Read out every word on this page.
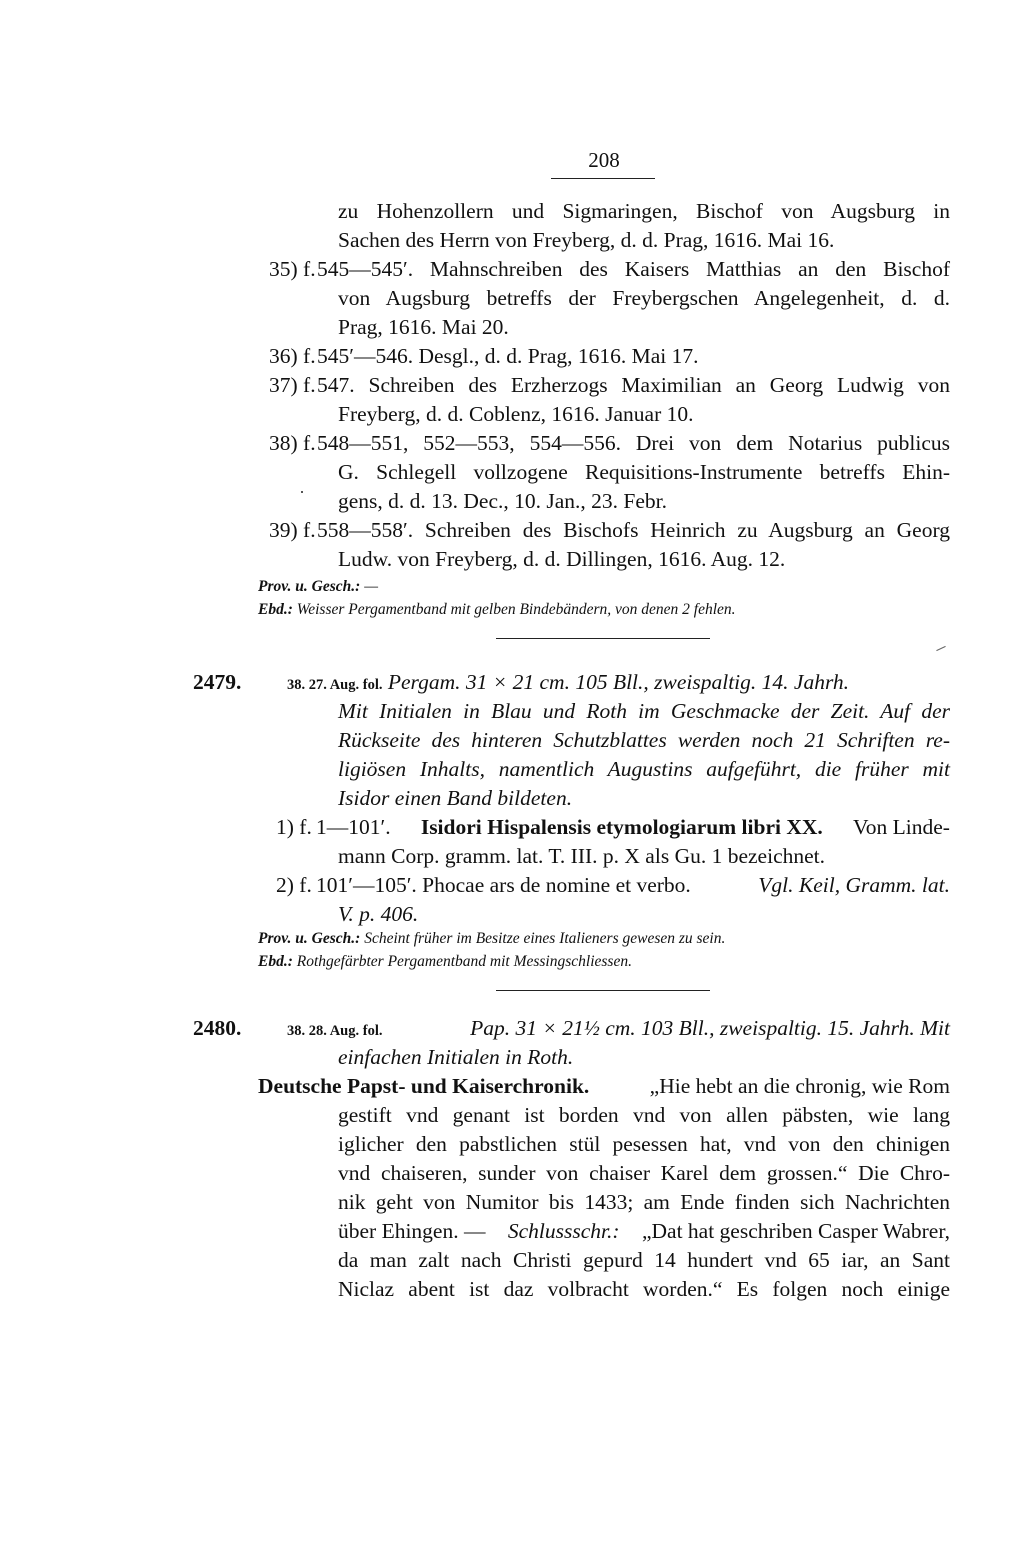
208
zu Hohenzollern und Sigmaringen, Bischof von Augsburg in
Sachen des Herrn von Freyberg, d. d. Prag, 1616. Mai 16.
35) f. 545—545′. Mahnschreiben des Kaisers Matthias an den Bischof
von Augsburg betreffs der Freybergschen Angelegenheit, d. d.
Prag, 1616. Mai 20.
36) f. 545′—546. Desgl., d. d. Prag, 1616. Mai 17.
37) f. 547. Schreiben des Erzherzogs Maximilian an Georg Ludwig von
Freyberg, d. d. Coblenz, 1616. Januar 10.
38) f. 548—551, 552—553, 554—556. Drei von dem Notarius publicus
G. Schlegell vollzogene Requisitions-Instrumente betreffs Ehin-
gens, d. d. 13. Dec., 10. Jan., 23. Febr.
39) f. 558—558′. Schreiben des Bischofs Heinrich zu Augsburg an Georg
Ludw. von Freyberg, d. d. Dillingen, 1616. Aug. 12.
Prov. u. Gesch.: —
Ebd.: Weisser Pergamentband mit gelben Bindebändern, von denen 2 fehlen.
2479.	38. 27. Aug. fol. Pergam. 31 × 21 cm. 105 Bll., zweispaltig. 14. Jahrh.
Mit Initialen in Blau und Roth im Geschmacke der Zeit. Auf der
Rückseite des hinteren Schutzblattes werden noch 21 Schriften re-
ligiösen Inhalts, namentlich Augustins aufgeführt, die früher mit
Isidor einen Band bildeten.
1) f. 1—101′. Isidori Hispalensis etymologiarum libri XX. Von Linde-
mann Corp. gramm. lat. T. III. p. X als Gu. 1 bezeichnet.
2) f. 101′—105′. Phocae ars de nomine et verbo.	Vgl. Keil, Gramm. lat.
V. p. 406.
Prov. u. Gesch.: Scheint früher im Besitze eines Italieners gewesen zu sein.
Ebd.: Rothgefärbter Pergamentband mit Messingschliessen.
2480.	38. 28. Aug. fol.	Pap. 31 × 21½ cm. 103 Bll., zweispaltig. 15. Jahrh. Mit
einfachen Initialen in Roth.
Deutsche Papst- und Kaiserchronik.	„Hie hebt an die chronig, wie Rom
gestift vnd genant ist borden vnd von allen päbsten, wie lang
iglicher den pabstlichen stül pesessen hat, vnd von den chinigen
vnd chaiseren, sunder von chaiser Karel dem grossen.“ Die Chro-
nik geht von Numitor bis 1433; am Ende finden sich Nachrichten
über Ehingen. — Schlussschr.: „Dat hat geschriben Casper Wabrer,
da man zalt nach Christi gepurd 14 hundert vnd 65 iar, an Sant
Niclaz abent ist daz volbracht worden.“ Es folgen noch einige
